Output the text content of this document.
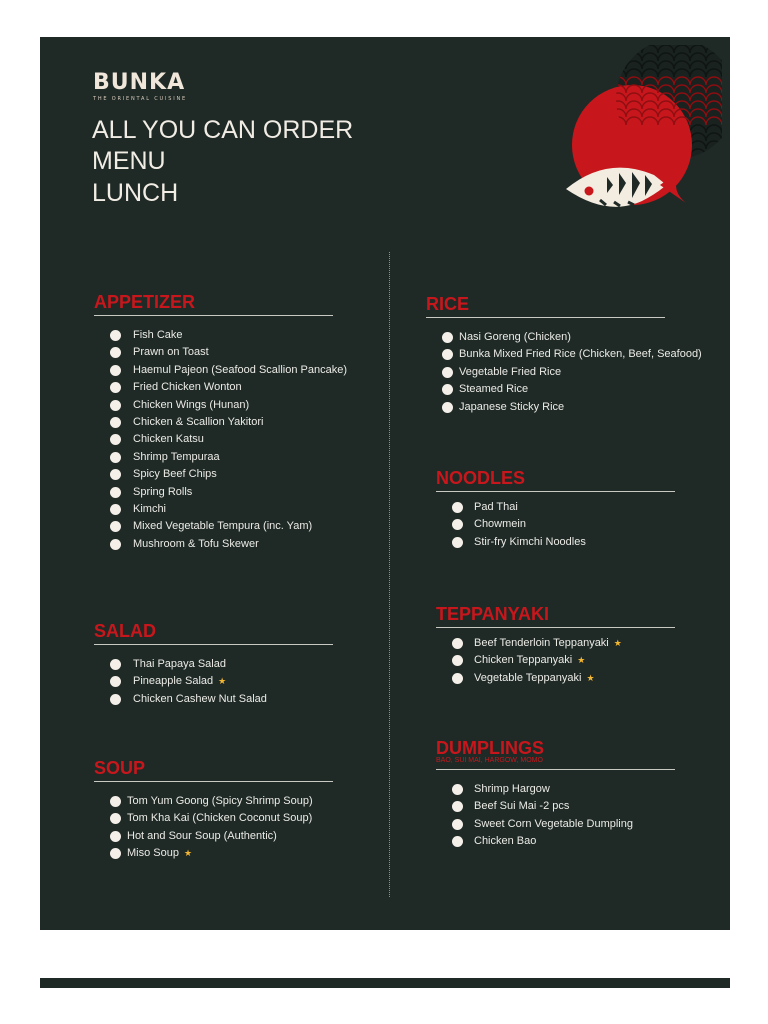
BUNKA
THE ORIENTAL CUISINE
ALL YOU CAN ORDER
MENU
LUNCH
APPETIZER
Fish Cake
Prawn on Toast
Haemul Pajeon (Seafood Scallion Pancake)
Fried Chicken Wonton
Chicken Wings (Hunan)
Chicken & Scallion Yakitori
Chicken Katsu
Shrimp Tempuraa
Spicy Beef Chips
Spring Rolls
Kimchi
Mixed Vegetable Tempura (inc. Yam)
Mushroom & Tofu Skewer
SALAD
Thai Papaya Salad
Pineapple Salad ★
Chicken Cashew Nut Salad
SOUP
Tom Yum Goong (Spicy Shrimp Soup)
Tom Kha Kai (Chicken Coconut Soup)
Hot and Sour Soup (Authentic)
Miso Soup ★
RICE
Nasi Goreng (Chicken)
Bunka Mixed Fried Rice (Chicken, Beef, Seafood)
Vegetable Fried Rice
Steamed Rice
Japanese Sticky Rice
NOODLES
Pad Thai
Chowmein
Stir-fry Kimchi Noodles
TEPPANYAKI
Beef Tenderloin Teppanyaki ★
Chicken Teppanyaki ★
Vegetable Teppanyaki ★
DUMPLINGS
BAO, SUI MAI, HARGOW, MOMO
Shrimp Hargow
Beef Sui Mai -2 pcs
Sweet Corn Vegetable Dumpling
Chicken Bao
